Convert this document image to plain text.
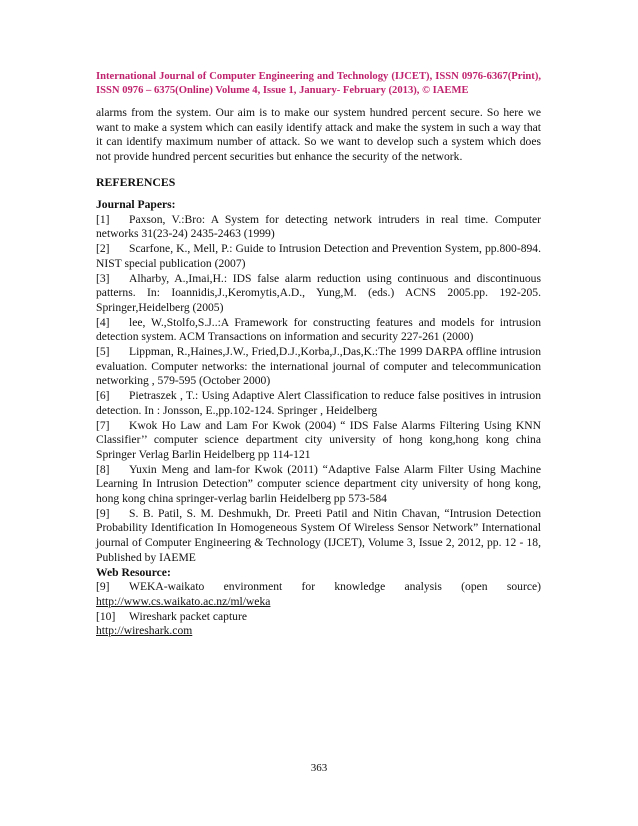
International Journal of Computer Engineering and Technology (IJCET), ISSN 0976-6367(Print), ISSN 0976 – 6375(Online) Volume 4, Issue 1, January- February (2013), © IAEME
alarms from the system. Our aim is to make our system hundred percent secure. So here we want to make a system which can easily identify attack and make the system in such a way that it can identify maximum number of attack. So we want to develop such a system which does not provide hundred percent securities but enhance the security of the network.
REFERENCES

Journal Papers:

[1] Paxson, V.:Bro: A System for detecting network intruders in real time. Computer networks 31(23-24) 2435-2463 (1999)

[2] Scarfone, K., Mell, P.: Guide to Intrusion Detection and Prevention System, pp.800-894. NIST special publication (2007)

[3] Alharby, A.,Imai,H.: IDS false alarm reduction using continuous and discontinuous patterns. In: Ioannidis,J.,Keromytis,A.D., Yung,M. (eds.) ACNS 2005.pp. 192-205. Springer,Heidelberg (2005)

[4] lee, W.,Stolfo,S.J..:A Framework for constructing features and models for intrusion detection system. ACM Transactions on information and security 227-261 (2000)

[5] Lippman, R.,Haines,J.W., Fried,D.J.,Korba,J.,Das,K.:The 1999 DARPA offline intrusion evaluation. Computer networks: the international journal of computer and telecommunication networking , 579-595 (October 2000)

[6] Pietraszek , T.: Using Adaptive Alert Classification to reduce false positives in intrusion detection. In : Jonsson, E.,pp.102-124. Springer , Heidelberg

[7] Kwok Ho Law and Lam For Kwok (2004) “ IDS False Alarms Filtering Using KNN Classifier’’ computer science department city university of hong kong,hong kong china Springer Verlag Barlin Heidelberg pp 114-121

[8] Yuxin Meng and lam-for Kwok (2011) “Adaptive False Alarm Filter Using Machine Learning In Intrusion Detection” computer science department city university of hong kong, hong kong china springer-verlag barlin Heidelberg pp 573-584

[9] S. B. Patil, S. M. Deshmukh, Dr. Preeti Patil and Nitin Chavan, “Intrusion Detection Probability Identification In Homogeneous System Of Wireless Sensor Network” International journal of Computer Engineering & Technology (IJCET), Volume 3, Issue 2, 2012, pp. 12 - 18, Published by IAEME

Web Resource:

[9] WEKA-waikato environment for knowledge analysis (open source)

http://www.cs.waikato.ac.nz/ml/weka

[10] Wireshark packet capture

http://wireshark.com

363
